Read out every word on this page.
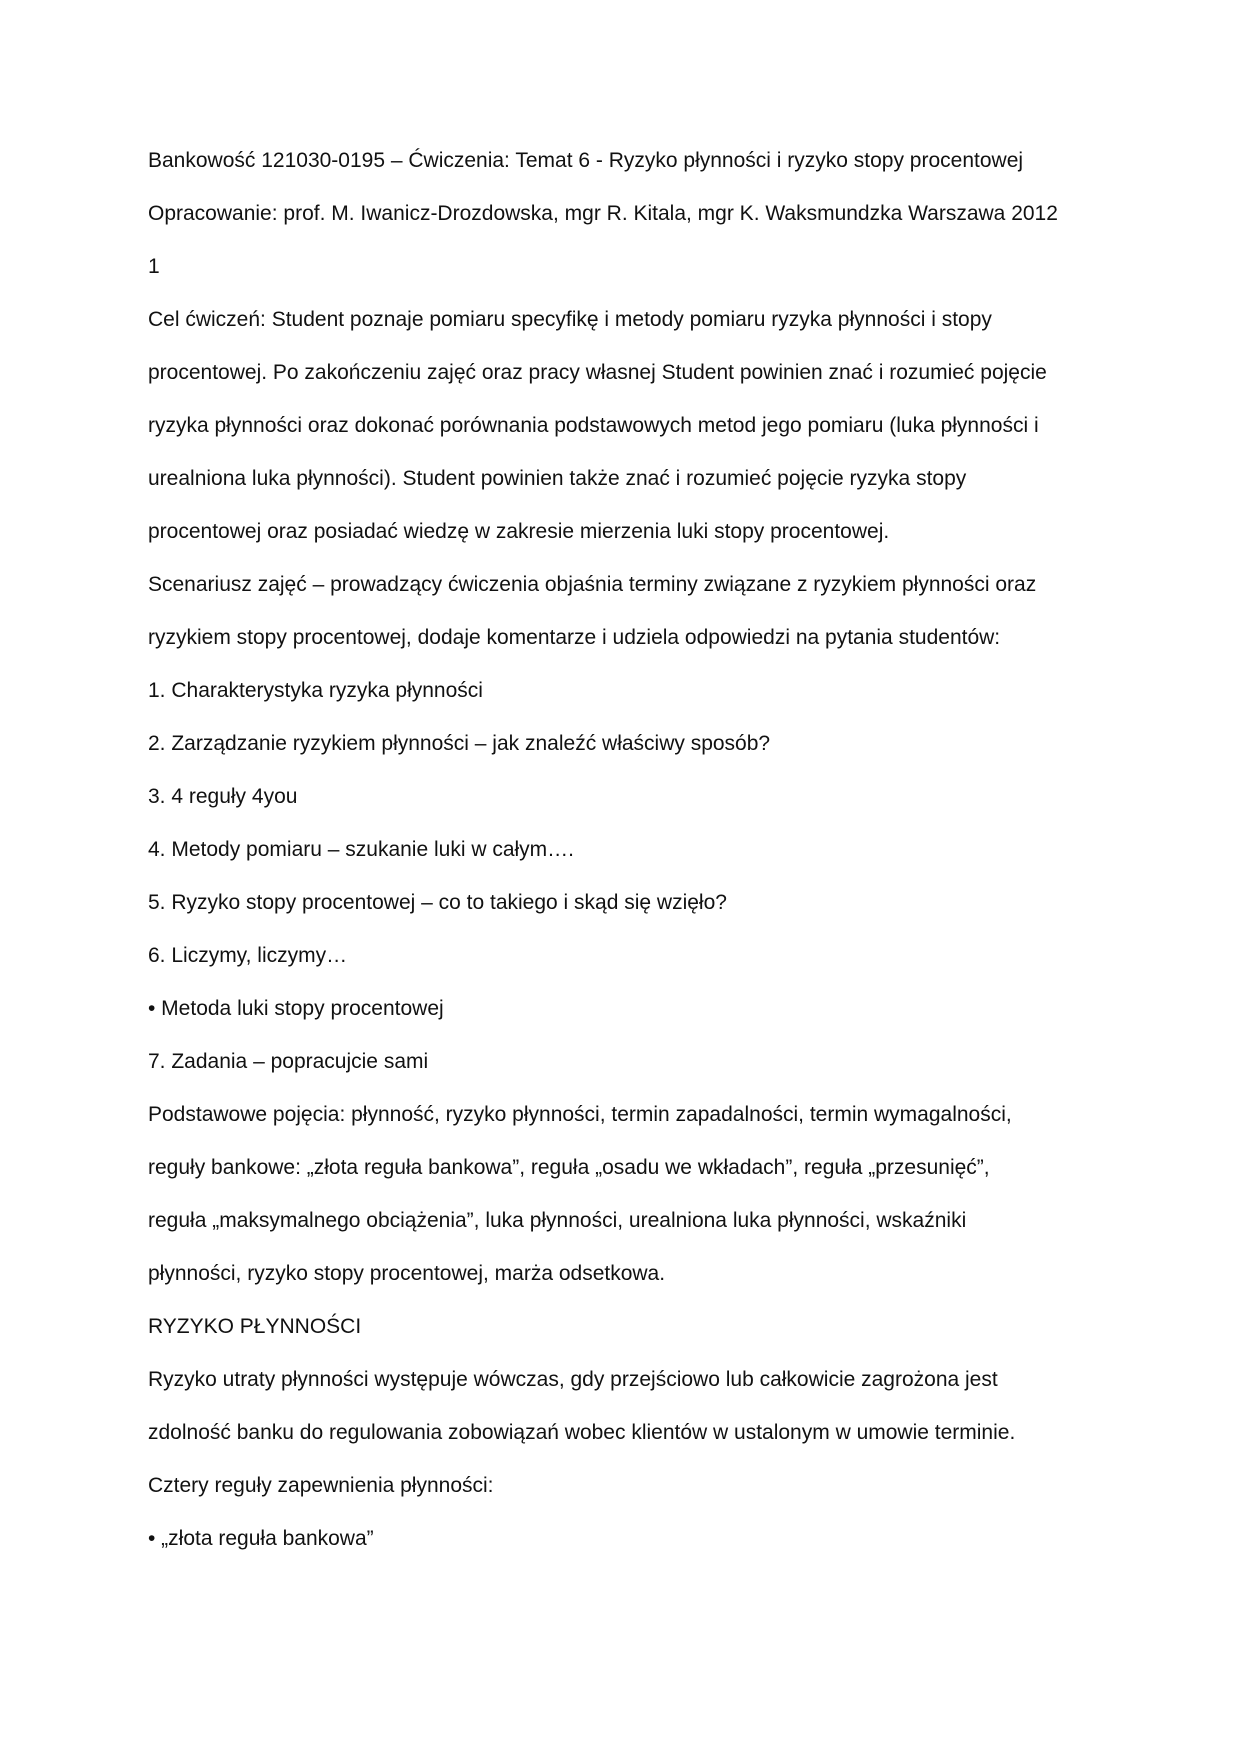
Bankowość 121030-0195 – Ćwiczenia: Temat 6 - Ryzyko płynności i ryzyko stopy procentowej
Opracowanie: prof. M. Iwanicz-Drozdowska, mgr R. Kitala, mgr K. Waksmundzka Warszawa 2012
1
Cel ćwiczeń: Student poznaje pomiaru specyfikę i metody pomiaru ryzyka płynności i stopy
procentowej. Po zakończeniu zajęć oraz pracy własnej Student powinien znać i rozumieć pojęcie
ryzyka płynności oraz dokonać porównania podstawowych metod jego pomiaru (luka płynności i
urealniona luka płynności). Student powinien także znać i rozumieć pojęcie ryzyka stopy
procentowej oraz posiadać wiedzę w zakresie mierzenia luki stopy procentowej.
Scenariusz zajęć – prowadzący ćwiczenia objaśnia terminy związane z ryzykiem płynności oraz
ryzykiem stopy procentowej, dodaje komentarze i udziela odpowiedzi na pytania studentów:
1. Charakterystyka ryzyka płynności
2. Zarządzanie ryzykiem płynności – jak znaleźć właściwy sposób?
3. 4 reguły 4you
4. Metody pomiaru – szukanie luki w całym….
5. Ryzyko stopy procentowej – co to takiego i skąd się wzięło?
6. Liczymy, liczymy…
• Metoda luki stopy procentowej
7. Zadania – popracujcie sami
Podstawowe pojęcia: płynność, ryzyko płynności, termin zapadalności, termin wymagalności,
reguły bankowe: „złota reguła bankowa”, reguła „osadu we wkładach”, reguła „przesunięć”,
reguła „maksymalnego obciążenia”, luka płynności, urealniona luka płynności, wskaźniki
płynności, ryzyko stopy procentowej, marża odsetkowa.
RYZYKO PŁYNNOŚCI
Ryzyko utraty płynności występuje wówczas, gdy przejściowo lub całkowicie zagrożona jest
zdolność banku do regulowania zobowiązań wobec klientów w ustalonym w umowie terminie.
Cztery reguły zapewnienia płynności:
• „złota reguła bankowa”
